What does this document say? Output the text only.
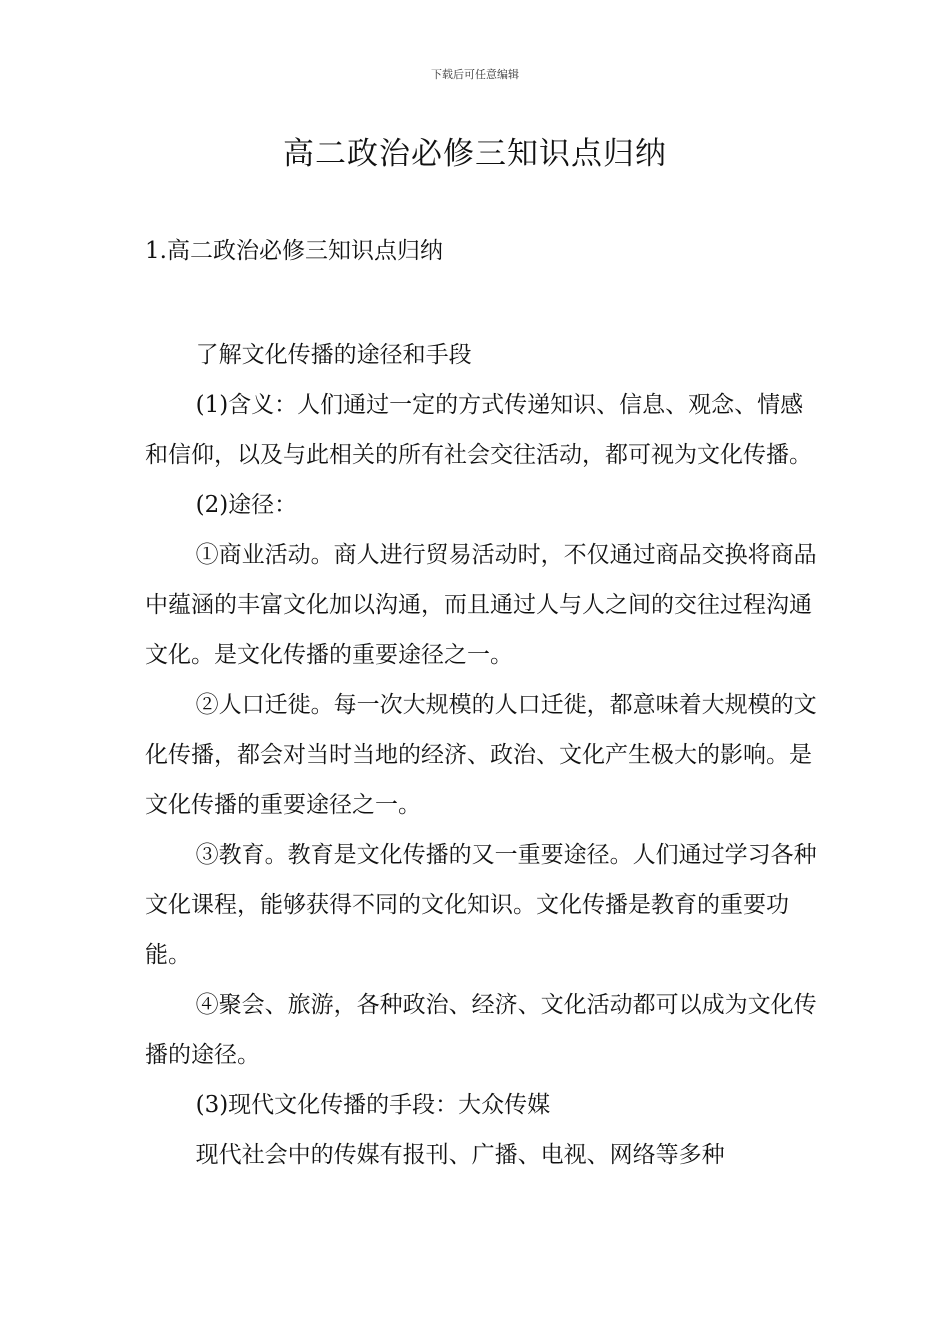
下载后可任意编辑
高二政治必修三知识点归纳
1.高二政治必修三知识点归纳

了解文化传播的途径和手段

(1)含义：人们通过一定的方式传递知识、信息、观念、情感和信仰，以及与此相关的所有社会交往活动，都可视为文化传播。

(2)途径：

①商业活动。商人进行贸易活动时，不仅通过商品交换将商品中蕴涵的丰富文化加以沟通，而且通过人与人之间的交往过程沟通文化。是文化传播的重要途径之一。

②人口迁徙。每一次大规模的人口迁徙，都意味着大规模的文化传播，都会对当时当地的经济、政治、文化产生极大的影响。是文化传播的重要途径之一。

③教育。教育是文化传播的又一重要途径。人们通过学习各种文化课程，能够获得不同的文化知识。文化传播是教育的重要功能。

④聚会、旅游，各种政治、经济、文化活动都可以成为文化传播的途径。

(3)现代文化传播的手段：大众传媒

现代社会中的传媒有报刊、广播、电视、网络等多种
